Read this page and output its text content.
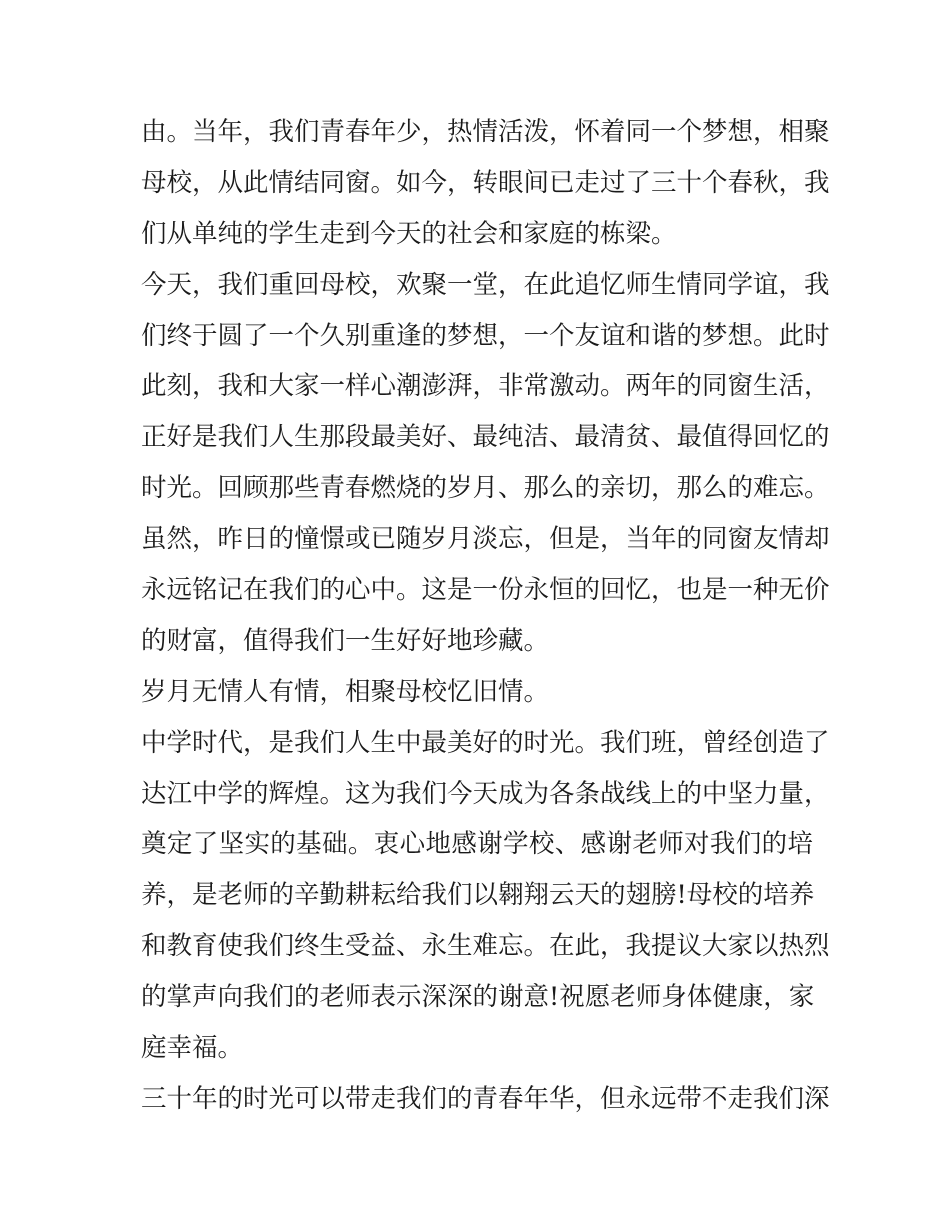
由。当年，我们青春年少，热情活泼，怀着同一个梦想，相聚
母校，从此情结同窗。如今，转眼间已走过了三十个春秋，我
们从单纯的学生走到今天的社会和家庭的栋梁。
今天，我们重回母校，欢聚一堂，在此追忆师生情同学谊，我
们终于圆了一个久别重逢的梦想，一个友谊和谐的梦想。此时
此刻，我和大家一样心潮澎湃，非常激动。两年的同窗生活，
正好是我们人生那段最美好、最纯洁、最清贫、最值得回忆的
时光。回顾那些青春燃烧的岁月、那么的亲切，那么的难忘。
虽然，昨日的憧憬或已随岁月淡忘，但是，当年的同窗友情却
永远铭记在我们的心中。这是一份永恒的回忆，也是一种无价
的财富，值得我们一生好好地珍藏。
岁月无情人有情，相聚母校忆旧情。
中学时代，是我们人生中最美好的时光。我们班，曾经创造了
达江中学的辉煌。这为我们今天成为各条战线上的中坚力量，
奠定了坚实的基础。衷心地感谢学校、感谢老师对我们的培
养，是老师的辛勤耕耘给我们以翱翔云天的翅膀!母校的培养
和教育使我们终生受益、永生难忘。在此，我提议大家以热烈
的掌声向我们的老师表示深深的谢意!祝愿老师身体健康，家
庭幸福。
三十年的时光可以带走我们的青春年华，但永远带不走我们深
